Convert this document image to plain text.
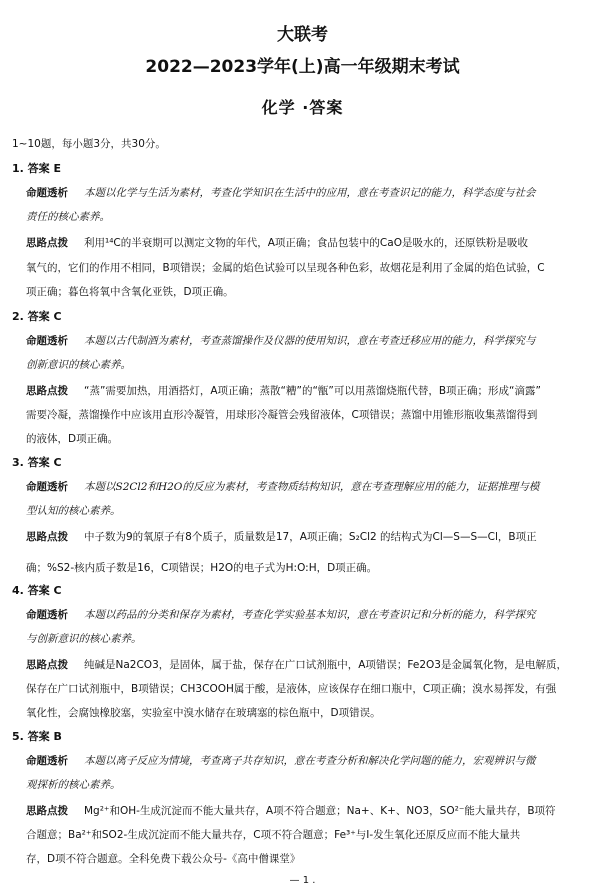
大联考
2022—2023学年(上)高一年级期末考试
化学 ·答案
1~10题，每小题3分，共30分。
1. 答案 E
命题透析 本题以化学与生活为素材，考查化学知识在生活中的应用，意在考查识记的能力，科学态度与社会
责任的核心素养。
思路点拨 利用¹⁴C的半衰期可以测定文物的年代，A项正确；食品包装中的CaO是吸水的，还原铁粉是吸收
氧气的，它们的作用不相同，B项错误；金属的焰色试验可以呈现各种色彩，故烟花是利用了金属的焰色试验，C
项正确；暮色将氧中含氧化亚铁，D项正确。
2. 答案 C
命题透析 本题以古代制酒为素材，考查蒸馏操作及仪器的使用知识，意在考查迁移应用的能力，科学探究与
创新意识的核心素养。
思路点拨 “蒸”需要加热，用酒搭灯，A项正确；蒸散“糟”的“甑”可以用蒸馏烧瓶代替，B项正确；形成“滴露”
需要冷凝，蒸馏操作中应该用直形冷凝管，用球形冷凝管会残留液体，C项错误；蒸馏中用锥形瓶收集蒸馏得到
的液体，D项正确。
3. 答案 C
命题透析 本题以S2Cl2和H2O的反应为素材，考查物质结构知识，意在考查理解应用的能力，证据推理与模
型认知的核心素养。
思路点拨 中子数为9的氧原子有8个质子，质量数是17，A项正确；S₂Cl2 的结构式为Cl—S—S—Cl，B项正
确；%S2-核内质子数是16，C项错误；H2O的电子式为H:O:H，D项正确。
4. 答案 C
命题透析 本题以药品的分类和保存为素材，考查化学实验基本知识，意在考查识记和分析的能力，科学探究
与创新意识的核心素养。
思路点拨 纯碱是Na2CO3，是固体，属于盐，保存在广口试剂瓶中，A项错误；Fe2O3是金属氧化物，是电解质，
保存在广口试剂瓶中，B项错误；CH3COOH属于酸，是液体，应该保存在细口瓶中，C项正确；溴水易挥发，有强
氧化性，会腐蚀橡胶塞，实验室中溴水储存在玻璃塞的棕色瓶中，D项错误。
5. 答案 B
命题透析 本题以离子反应为情境，考查离子共存知识，意在考查分析和解决化学问题的能力，宏观辨识与微
观探析的核心素养。
思路点拨 Mg²⁺和OH-生成沉淀而不能大量共存，A项不符合题意；Na+、K+、NO3，SO²⁻能大量共存，B项符
合题意；Ba²⁺和SO2-生成沉淀而不能大量共存，C项不符合题意；Fe³⁺与I-发生氧化还原反应而不能大量共
存，D项不符合题意。全科免费下载公众号-《高中僧课堂》
— 1 .
